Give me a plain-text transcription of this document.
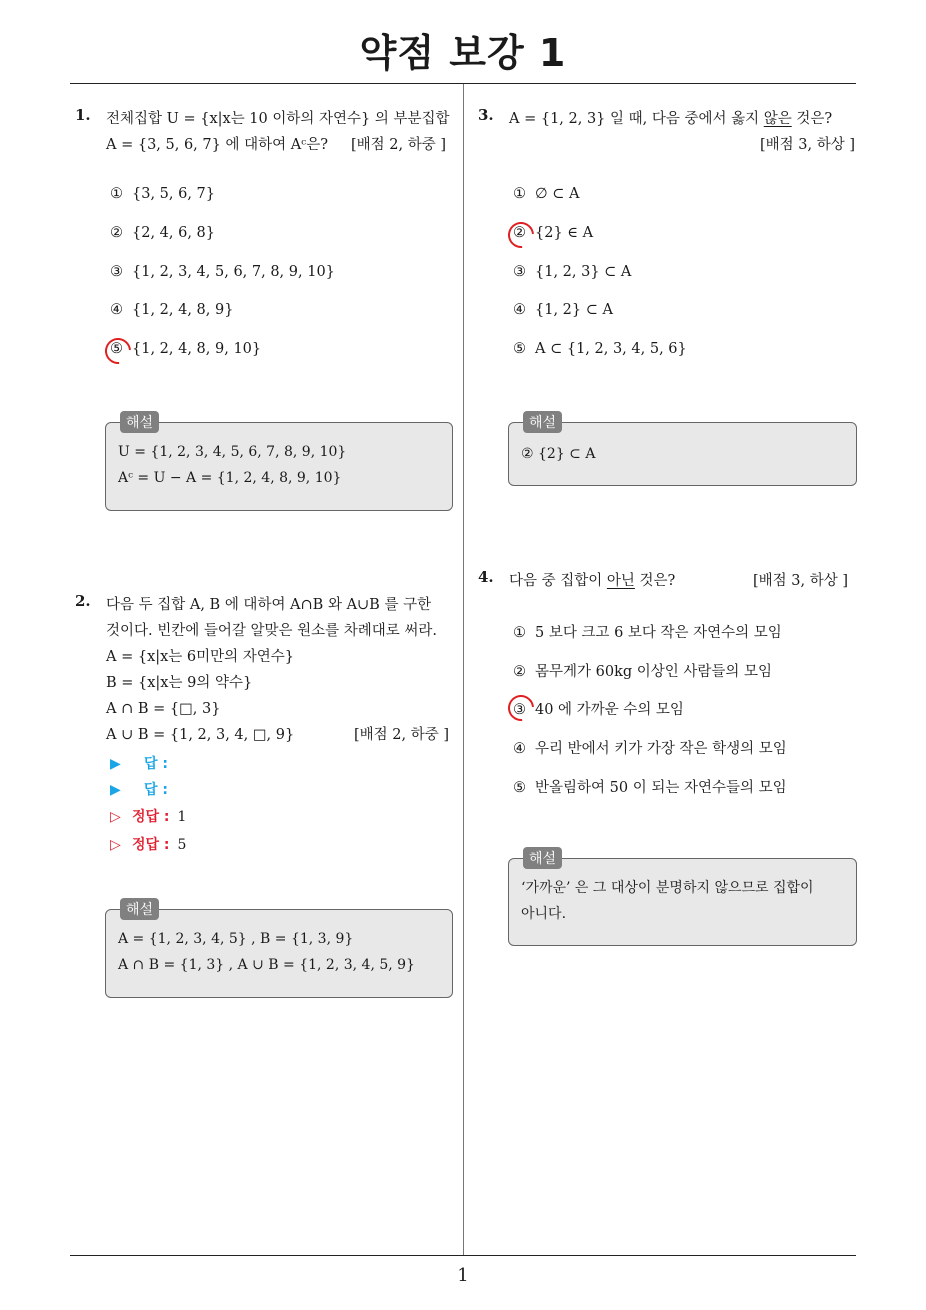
약점 보강 1
1
1. 전체집합 U = {x|x는 10 이하의 자연수} 의 부분집합
A = {3, 5, 6, 7} 에 대하여 Aᶜ은? [배점 2, 하중 ]
① {3, 5, 6, 7}
② {2, 4, 6, 8}
③ {1, 2, 3, 4, 5, 6, 7, 8, 9, 10}
④ {1, 2, 4, 8, 9}
⑤ {1, 2, 4, 8, 9, 10}
U = {1, 2, 3, 4, 5, 6, 7, 8, 9, 10}
Aᶜ = U − A = {1, 2, 4, 8, 9, 10}
해설
2. 다음 두 집합 A, B 에 대하여 A∩B 와 A∪B 를 구한
것이다. 빈칸에 들어갈 알맞은 원소를 차례대로 써라.
A = {x|x는 6미만의 자연수}
B = {x|x는 9의 약수}
A ∩ B = {□, 3}
A ∪ B = {1, 2, 3, 4, □, 9}	[배점 2, 하중 ]
▶ 답 :
▶ 답 :
▷ 정답 : 1
▷ 정답 : 5
A = {1, 2, 3, 4, 5} , B = {1, 3, 9}
A ∩ B = {1, 3} , A ∪ B = {1, 2, 3, 4, 5, 9}
해설
3. A = {1, 2, 3} 일 때, 다음 중에서 옳지 않은 것은?
[배점 3, 하상 ]
① ∅ ⊂ A
② {2} ∈ A
③ {1, 2, 3} ⊂ A
④ {1, 2} ⊂ A
⑤ A ⊂ {1, 2, 3, 4, 5, 6}
② {2} ⊂ A
해설
4. 다음 중 집합이 아닌 것은?	[배점 3, 하상 ]
① 5 보다 크고 6 보다 작은 자연수의 모임
② 몸무게가 60kg 이상인 사람들의 모임
③ 40 에 가까운 수의 모임
④ 우리 반에서 키가 가장 작은 학생의 모임
⑤ 반올림하여 50 이 되는 자연수들의 모임
‘가까운’ 은 그 대상이 분명하지 않으므로 집합이
아니다.
해설
